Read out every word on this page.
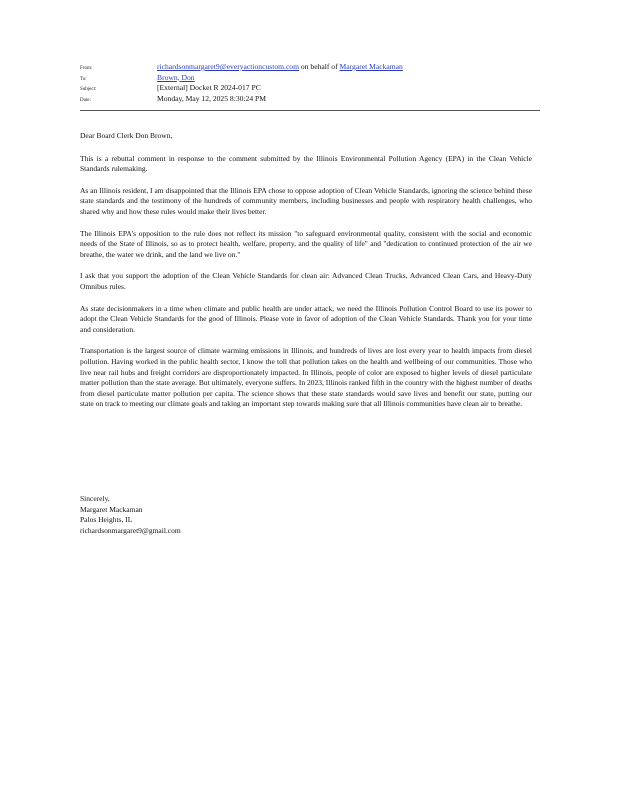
From:	richardsonmargaret9@everyactioncustom.com on behalf of Margaret Mackaman
To:	Brown, Don
Subject:	[External] Docket R 2024-017 PC
Date:	Monday, May 12, 2025 8:30:24 PM

Dear Board Clerk Don Brown,

This is a rebuttal comment in response to the comment submitted by the Illinois Environmental Pollution Agency (EPA) in the Clean Vehicle Standards rulemaking.

As an Illinois resident, I am disappointed that the Illinois EPA chose to oppose adoption of Clean Vehicle Standards, ignoring the science behind these state standards and the testimony of the hundreds of community members, including businesses and people with respiratory health challenges, who shared why and how these rules would make their lives better.

The Illinois EPA's opposition to the rule does not reflect its mission "to safeguard environmental quality, consistent with the social and economic needs of the State of Illinois, so as to protect health, welfare, property, and the quality of life" and "dedication to continued protection of the air we breathe, the water we drink, and the land we live on."

I ask that you support the adoption of the Clean Vehicle Standards for clean air: Advanced Clean Trucks, Advanced Clean Cars, and Heavy-Duty Omnibus rules.

As state decisionmakers in a time when climate and public health are under attack, we need the Illinois Pollution Control Board to use its power to adopt the Clean Vehicle Standards for the good of Illinois. Please vote in favor of adoption of the Clean Vehicle Standards. Thank you for your time and consideration.

Transportation is the largest source of climate warming emissions in Illinois, and hundreds of lives are lost every year to health impacts from diesel pollution. Having worked in the public health sector, I know the toll that pollution takes on the health and wellbeing of our communities. Those who live near rail hubs and freight corridors are disproportionately impacted. In Illinois, people of color are exposed to higher levels of diesel particulate matter pollution than the state average. But ultimately, everyone suffers. In 2023, Illinois ranked fifth in the country with the highest number of deaths from diesel particulate matter pollution per capita. The science shows that these state standards would save lives and benefit our state, putting our state on track to meeting our climate goals and taking an important step towards making sure that all Illinois communities have clean air to breathe.

Sincerely,
Margaret Mackaman
Palos Heights, IL
richardsonmargaret9@gmail.com
